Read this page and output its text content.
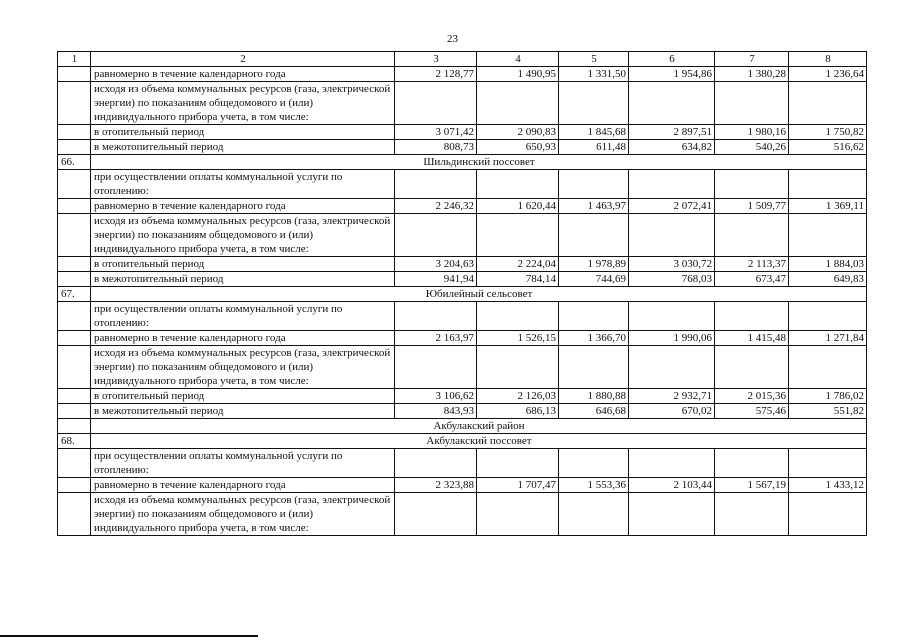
23
1	2	3	4	5	6	7	8
	равномерно в течение календарного года	2 128,77	1 490,95	1 331,50	1 954,86	1 380,28	1 236,64
	исходя из объема коммунальных ресурсов (газа, электрической энергии) по показаниям общедомового и (или) индивидуального прибора учета, в том числе:						
	в отопительный период	3 071,42	2 090,83	1 845,68	2 897,51	1 980,16	1 750,82
	в межотопительный период	808,73	650,93	611,48	634,82	540,26	516,62
66.	Шильдинский поссовет						
	при осуществлении оплаты коммунальной услуги по отоплению:						
	равномерно в течение календарного года	2 246,32	1 620,44	1 463,97	2 072,41	1 509,77	1 369,11
	исходя из объема коммунальных ресурсов (газа, электрической энергии) по показаниям общедомового и (или) индивидуального прибора учета, в том числе:						
	в отопительный период	3 204,63	2 224,04	1 978,89	3 030,72	2 113,37	1 884,03
	в межотопительный период	941,94	784,14	744,69	768,03	673,47	649,83
67.	Юбилейный сельсовет						
	при осуществлении оплаты коммунальной услуги по отоплению:						
	равномерно в течение календарного года	2 163,97	1 526,15	1 366,70	1 990,06	1 415,48	1 271,84
	исходя из объема коммунальных ресурсов (газа, электрической энергии) по показаниям общедомового и (или) индивидуального прибора учета, в том числе:						
	в отопительный период	3 106,62	2 126,03	1 880,88	2 932,71	2 015,36	1 786,02
	в межотопительный период	843,93	686,13	646,68	670,02	575,46	551,82
	Акбулакский район						
68.	Акбулакский поссовет						
	при осуществлении оплаты коммунальной услуги по отоплению:						
	равномерно в течение календарного года	2 323,88	1 707,47	1 553,36	2 103,44	1 567,19	1 433,12
	исходя из объема коммунальных ресурсов (газа, электрической энергии) по показаниям общедомового и (или) индивидуального прибора учета, в том числе:						
